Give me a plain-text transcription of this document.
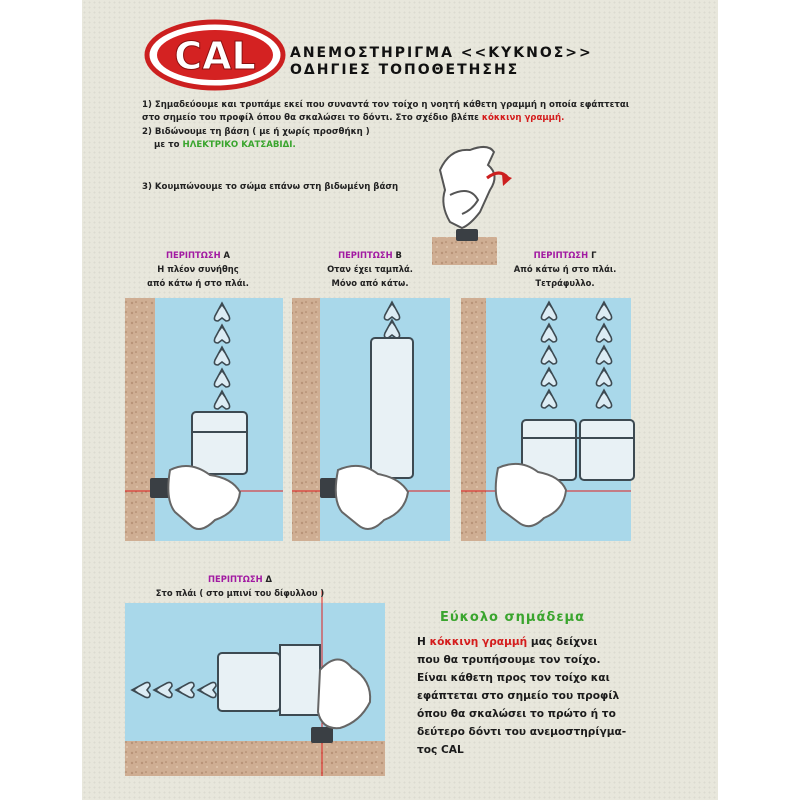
CAL ΑΝΕΜΟΣΤΗΡΙΓΜΑ <<ΚΥΚΝΟΣ>>
ΟΔΗΓΙΕΣ ΤΟΠΟΘΕΤΗΣΗΣ
1) Σημαδεύουμε και τρυπάμε εκεί που συναντά τον τοίχο η νοητή κάθετη γραμμή η οποία εφάπτεται
στο σημείο του προφίλ όπου θα σκαλώσει το δόντι. Στο σχέδιο βλέπε κόκκινη γραμμή.
2) Βιδώνουμε τη βάση ( με ή χωρίς προσθήκη )
με το ΗΛΕΚΤΡΙΚΟ ΚΑΤΣΑΒΙΔΙ.
3) Κουμπώνουμε το σώμα επάνω στη βιδωμένη βάση
ΠΕΡΙΠΤΩΣΗ Α
Η πλέον συνήθης
από κάτω ή στο πλάι.
ΠΕΡΙΠΤΩΣΗ Β
Οταν έχει ταμπλά.
Μόνο από κάτω.
ΠΕΡΙΠΤΩΣΗ Γ
Από κάτω ή στο πλάι.
Τετράφυλλο.
ΠΕΡΙΠΤΩΣΗ Δ
Στο πλάι ( στο μπινί του δίφυλλου )
Εύκολο σημάδεμα
Η κόκκινη γραμμή μας δείχνει
που θα τρυπήσουμε τον τοίχο.
Είναι κάθετη προς τον τοίχο και
εφάπτεται στο σημείο του προφίλ
όπου θα σκαλώσει το πρώτο ή το
δεύτερο δόντι του ανεμοστηρίγμα-
τος CAL
